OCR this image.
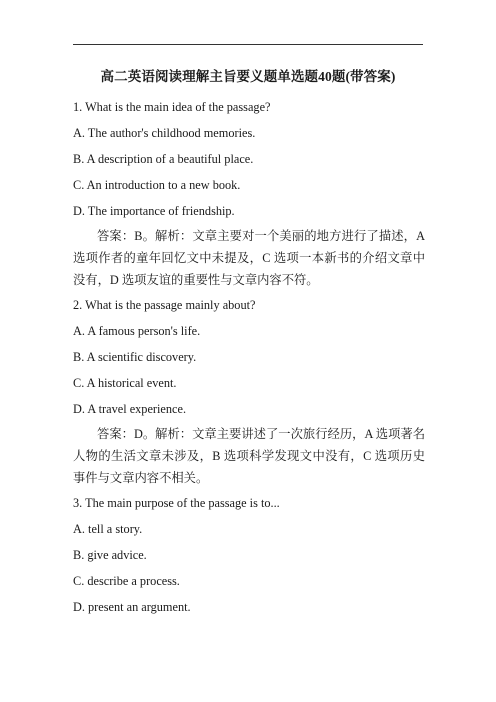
高二英语阅读理解主旨要义题单选题40题(带答案)
1. What is the main idea of the passage?
A. The author's childhood memories.
B. A description of a beautiful place.
C. An introduction to a new book.
D. The importance of friendship.
答案：B。解析：文章主要对一个美丽的地方进行了描述，A 选项作者的童年回忆文中未提及，C 选项一本新书的介绍文章中没有，D 选项友谊的重要性与文章内容不符。
2. What is the passage mainly about?
A. A famous person's life.
B. A scientific discovery.
C. A historical event.
D. A travel experience.
答案：D。解析：文章主要讲述了一次旅行经历，A 选项著名人物的生活文章未涉及，B 选项科学发现文中没有，C 选项历史事件与文章内容不相关。
3. The main purpose of the passage is to...
A. tell a story.
B. give advice.
C. describe a process.
D. present an argument.
